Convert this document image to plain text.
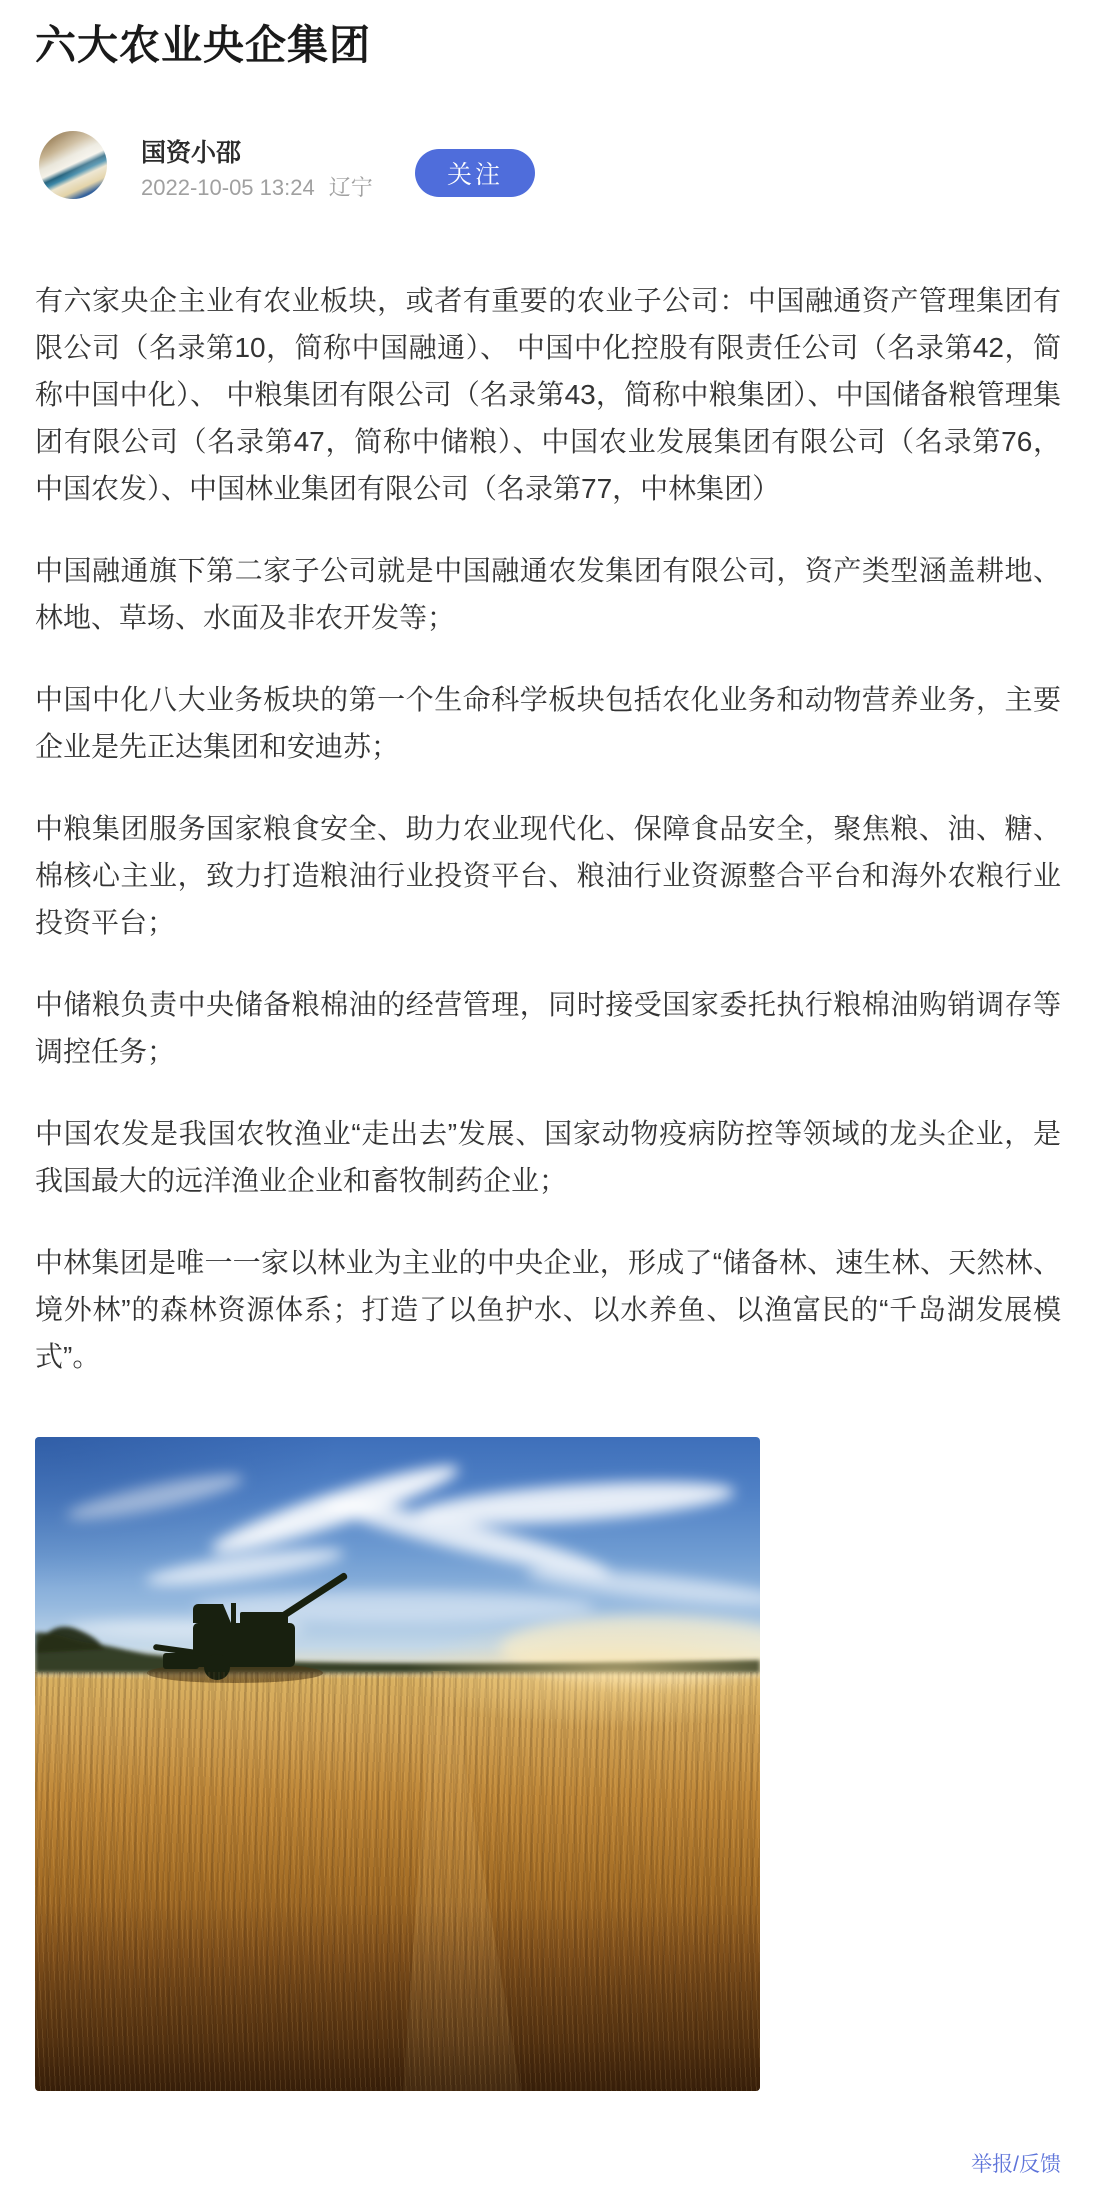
六大农业央企集团
国资小邵
2022-10-05 13:24 辽宁	关注

有六家央企主业有农业板块，或者有重要的农业子公司：中国融通资产管理集团有限公司（名录第10，简称中国融通）、 中国中化控股有限责任公司（名录第42，简称中国中化）、 中粮集团有限公司（名录第43，简称中粮集团）、中国储备粮管理集团有限公司（名录第47，简称中储粮）、中国农业发展集团有限公司（名录第76，中国农发）、中国林业集团有限公司（名录第77，中林集团）

中国融通旗下第二家子公司就是中国融通农发集团有限公司，资产类型涵盖耕地、林地、草场、水面及非农开发等；

中国中化八大业务板块的第一个生命科学板块包括农化业务和动物营养业务，主要企业是先正达集团和安迪苏；

中粮集团服务国家粮食安全、助力农业现代化、保障食品安全，聚焦粮、油、糖、棉核心主业，致力打造粮油行业投资平台、粮油行业资源整合平台和海外农粮行业投资平台；

中储粮负责中央储备粮棉油的经营管理，同时接受国家委托执行粮棉油购销调存等调控任务；

中国农发是我国农牧渔业“走出去”发展、国家动物疫病防控等领域的龙头企业，是我国最大的远洋渔业企业和畜牧制药企业；

中林集团是唯一一家以林业为主业的中央企业，形成了“储备林、速生林、天然林、境外林”的森林资源体系；打造了以鱼护水、以水养鱼、以渔富民的“千岛湖发展模式”。

举报/反馈
